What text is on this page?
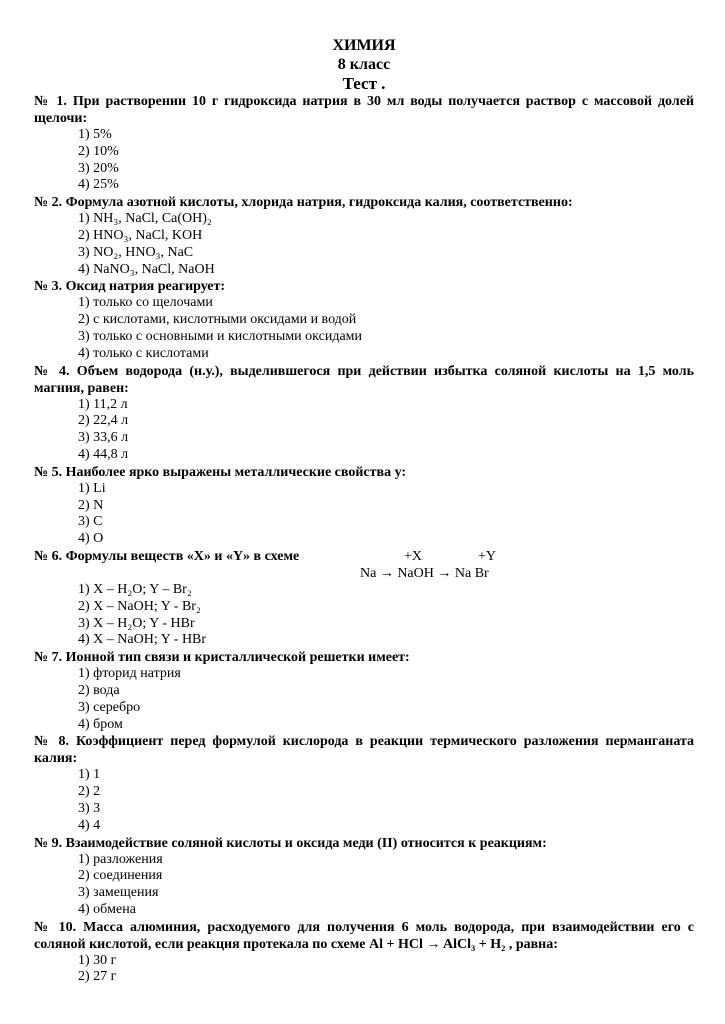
ХИМИЯ
8 класс
Тест .
№ 1. При растворении 10 г гидроксида натрия в 30 мл воды получается раствор с массовой долей щелочи:
1) 5%
2) 10%
3) 20%
4) 25%
№ 2. Формула азотной кислоты, хлорида натрия, гидроксида калия, соответственно:
1) NH₃, NaCl, Ca(OH)₂
2) HNO₃, NaCl, KOH
3) NO₂, HNO₃, NaC
4) NaNO₃, NaCl, NaOH
№ 3. Оксид натрия реагирует:
1) только со щелочами
2) с кислотами, кислотными оксидами и водой
3) только с основными и кислотными оксидами
4) только с кислотами
№ 4. Объем водорода (н.у.), выделившегося при действии избытка соляной кислоты на 1,5 моль магния, равен:
1) 11,2 л
2) 22,4 л
3) 33,6 л
4) 44,8 л
№ 5. Наиболее ярко выражены металлические свойства у:
1) Li
2) N
3) C
4) O
№ 6. Формулы веществ «X» и «Y» в схеме	+X	+Y
Na → NaOH → Na Br
1) X – H₂O; Y – Br₂
2) X – NaOH; Y - Br₂
3) X – H₂O; Y - HBr
4) X – NaOH; Y - HBr
№ 7. Ионной тип связи и кристаллической решетки имеет:
1) фторид натрия
2) вода
3) серебро
4) бром
№ 8. Коэффициент перед формулой кислорода в реакции термического разложения перманганата калия:
1) 1
2) 2
3) 3
4) 4
№ 9. Взаимодействие соляной кислоты и оксида меди (II) относится к реакциям:
1) разложения
2) соединения
3) замещения
4) обмена
№ 10. Масса алюминия, расходуемого для получения 6 моль водорода, при взаимодействии его с соляной кислотой, если реакция протекала по схеме Al + HCl → AlCl₃ + H₂ , равна:
1) 30 г
2) 27 г
